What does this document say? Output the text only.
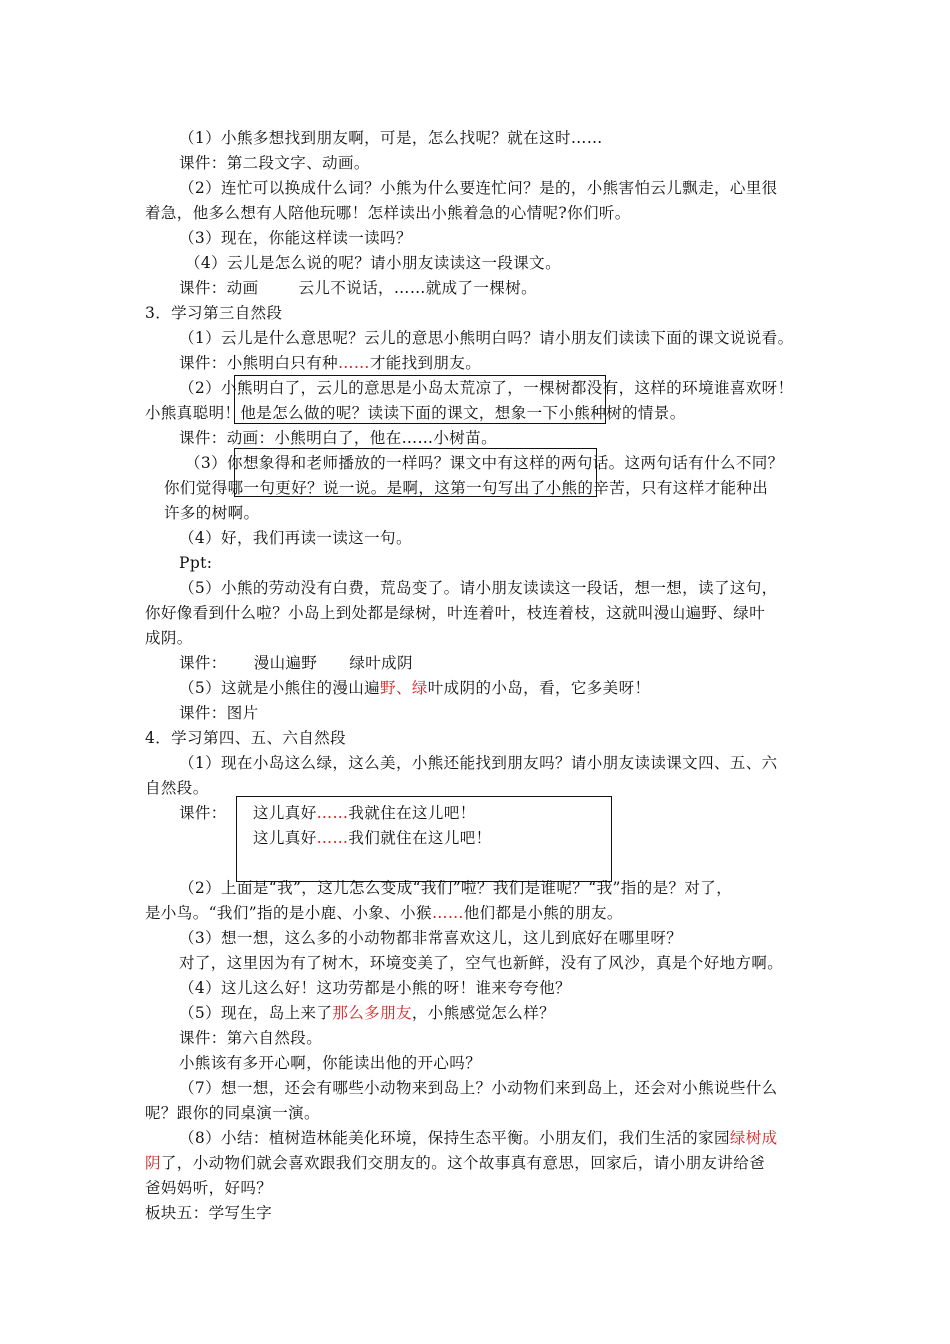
（1）小熊多想找到朋友啊，可是，怎么找呢？就在这时……
课件：第二段文字、动画。
（2）连忙可以换成什么词？小熊为什么要连忙问？是的，小熊害怕云儿飘走，心里很
着急，他多么想有人陪他玩哪！怎样读出小熊着急的心情呢?你们听。
（3）现在，你能这样读一读吗？
（4）云儿是怎么说的呢？请小朋友读读这一段课文。
课件：动画	云儿不说话，……就成了一棵树。
3．学习第三自然段
（1）云儿是什么意思呢？云儿的意思小熊明白吗？请小朋友们读读下面的课文说说看。
课件：小熊明白只有种……才能找到朋友。
（2）小熊明白了，云儿的意思是小岛太荒凉了，一棵树都没有，这样的环境谁喜欢呀！
小熊真聪明！他是怎么做的呢？读读下面的课文，想象一下小熊种树的情景。
课件：动画：小熊明白了，他在……小树苗。
（3）你想象得和老师播放的一样吗？课文中有这样的两句话。这两句话有什么不同？
你们觉得哪一句更好？说一说。是啊，这第一句写出了小熊的辛苦，只有这样才能种出
许多的树啊。
（4）好，我们再读一读这一句。
Ppt:
（5）小熊的劳动没有白费，荒岛变了。请小朋友读读这一段话，想一想，读了这句，
你好像看到什么啦？小岛上到处都是绿树，叶连着叶，枝连着枝，这就叫漫山遍野、绿叶
成阴。
课件： 漫山遍野 绿叶成阴
（5）这就是小熊住的漫山遍野、绿叶成阴的小岛，看，它多美呀！
课件：图片
4．学习第四、五、六自然段
（1）现在小岛这么绿，这么美，小熊还能找到朋友吗？请小朋友读读课文四、五、六
自然段。
课件： 这儿真好……我就住在这儿吧！
这儿真好……我们就住在这儿吧！
（2）上面是“我”，这儿怎么变成“我们”啦？我们是谁呢？“我”指的是？对了，
是小鸟。“我们”指的是小鹿、小象、小猴……他们都是小熊的朋友。
（3）想一想，这么多的小动物都非常喜欢这儿，这儿到底好在哪里呀？
对了，这里因为有了树木，环境变美了，空气也新鲜，没有了风沙，真是个好地方啊。
（4）这儿这么好！这功劳都是小熊的呀！谁来夸夸他？
（5）现在，岛上来了那么多朋友，小熊感觉怎么样？
课件：第六自然段。
小熊该有多开心啊，你能读出他的开心吗？
（7）想一想，还会有哪些小动物来到岛上？小动物们来到岛上，还会对小熊说些什么
呢？跟你的同桌演一演。
（8）小结：植树造林能美化环境，保持生态平衡。小朋友们，我们生活的家园绿树成
阴了，小动物们就会喜欢跟我们交朋友的。这个故事真有意思，回家后，请小朋友讲给爸
爸妈妈听，好吗？
板块五：学写生字
